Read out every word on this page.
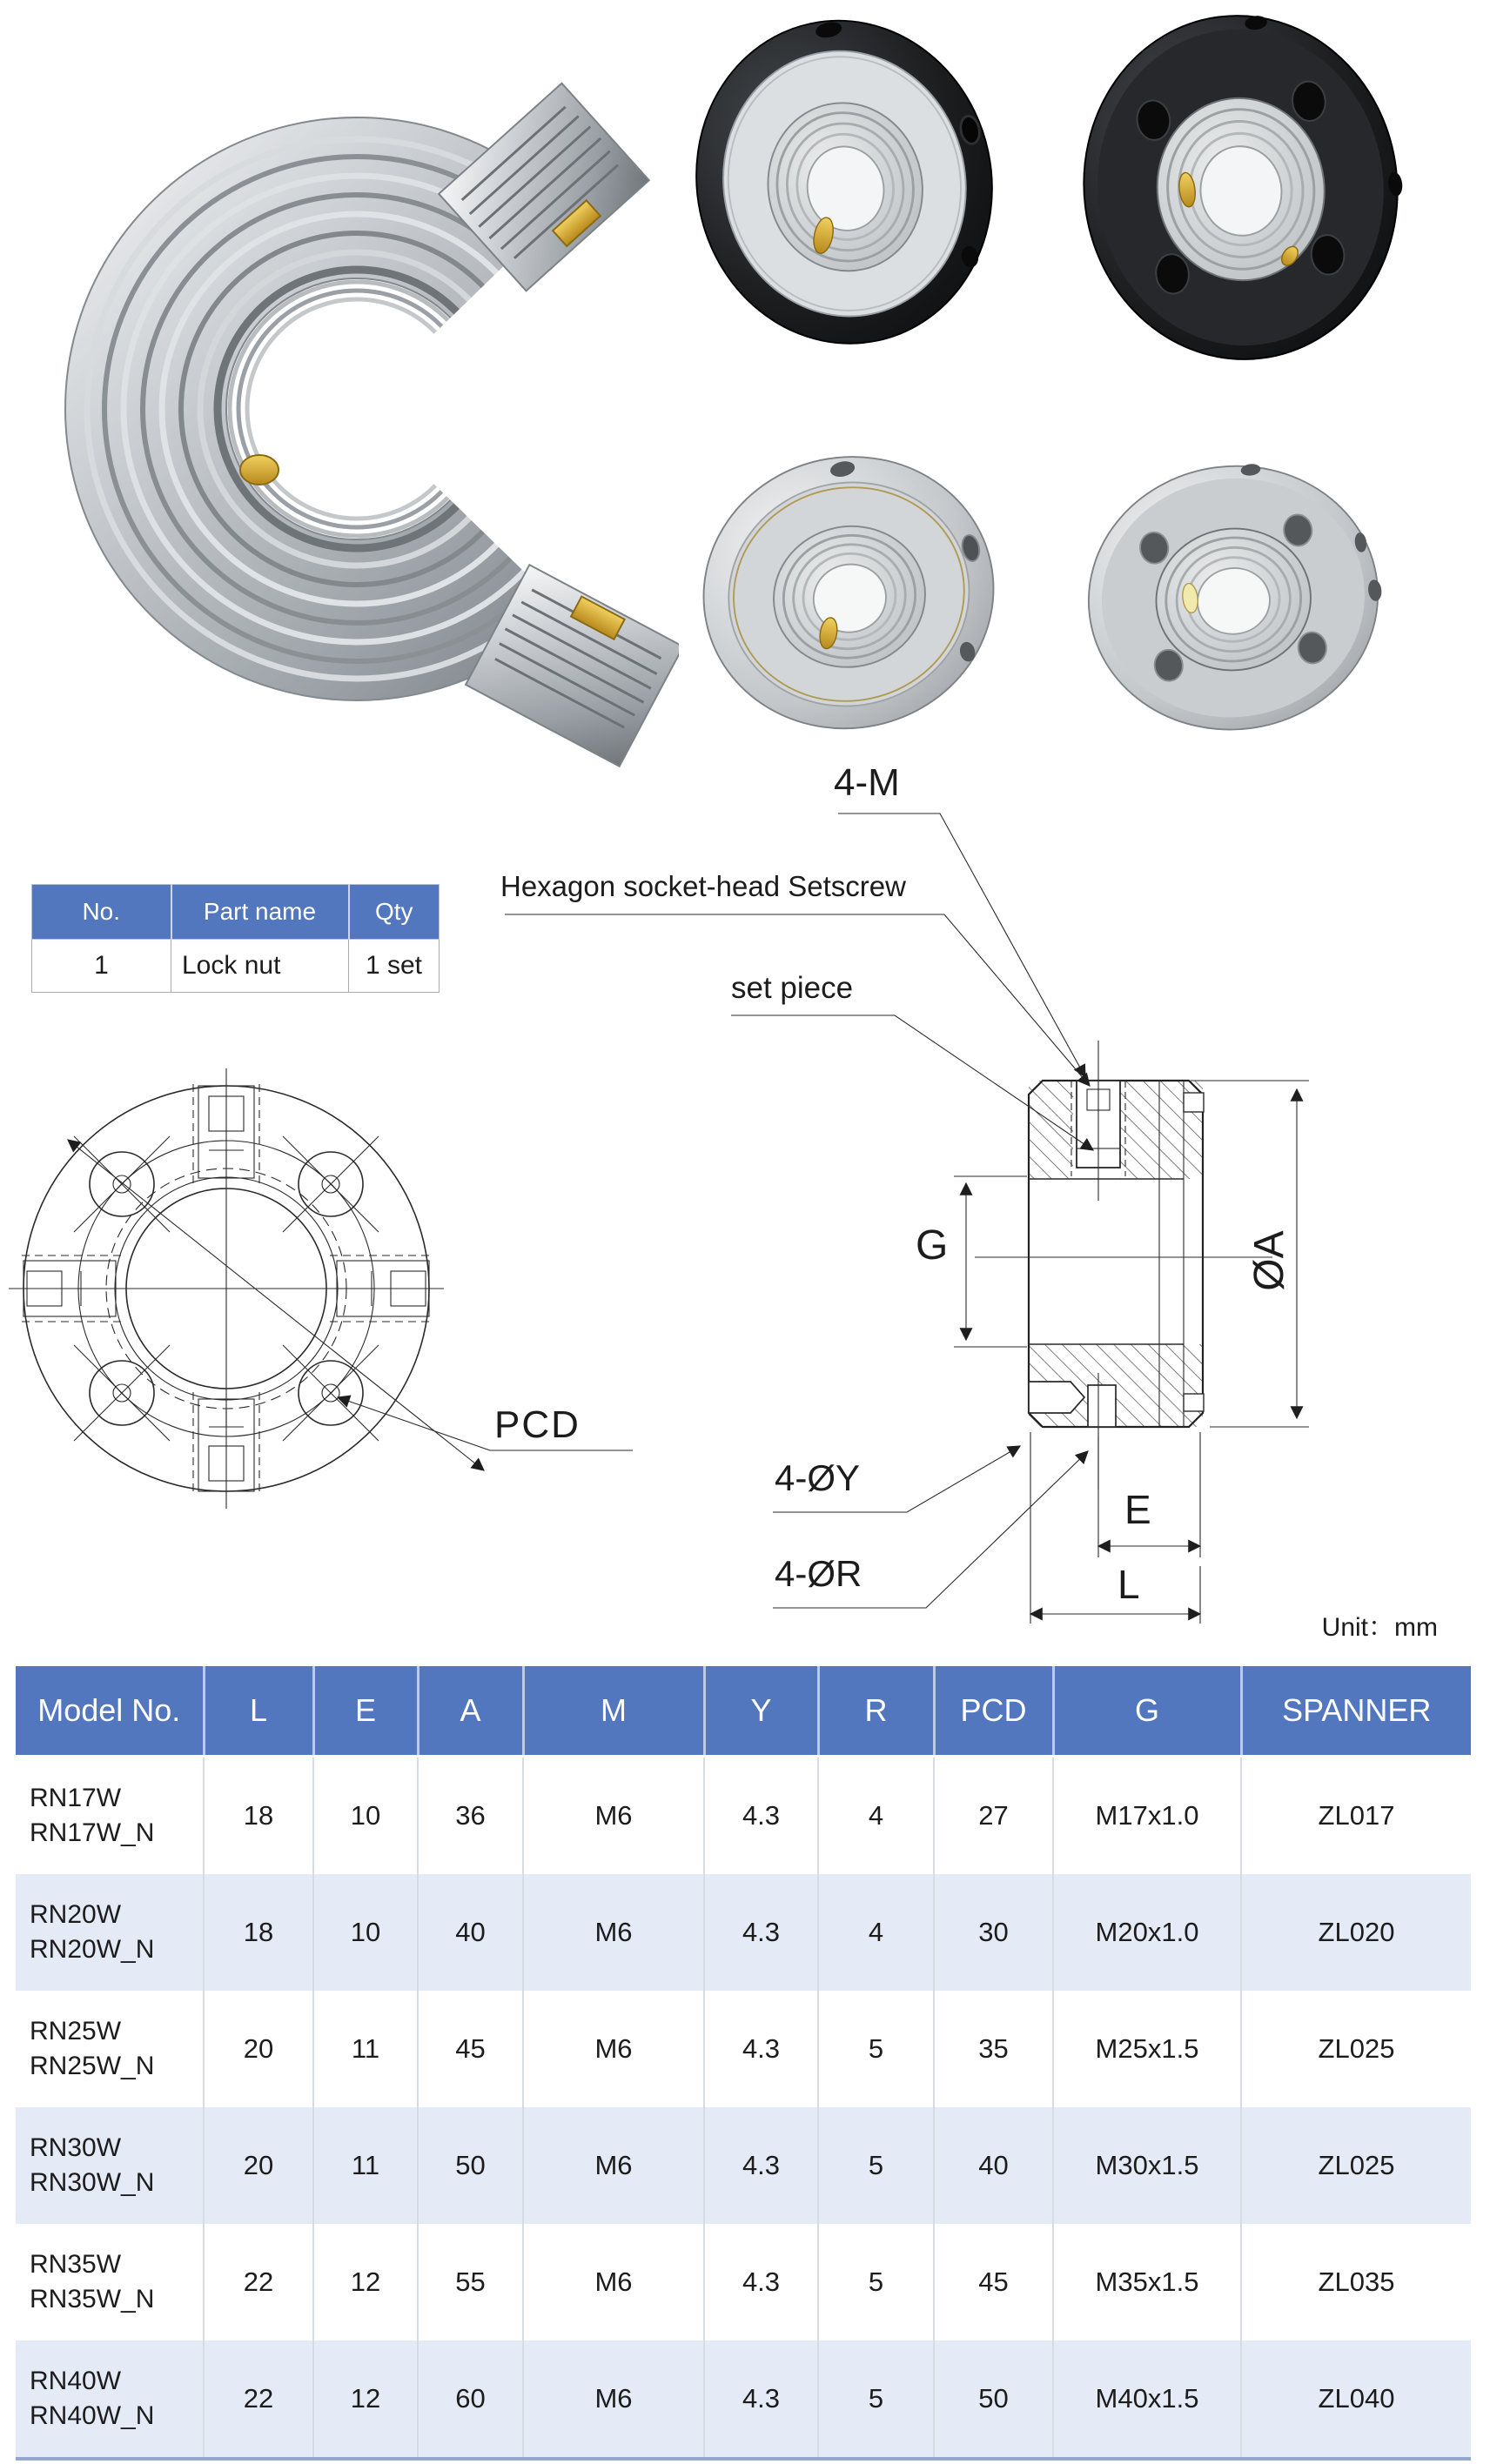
No.	Part name	Qty
1	Lock nut	1 set
4-M
Hexagon socket-head Setscrew
set piece
PCD
G	ØA
4-ØY
4-ØR
E
L
Unit：mm
Model No.	L	E	A	M	Y	R	PCD	G	SPANNER

RN17W
RN17W_N	18	10	36	M6	4.3	4	27	M17x1.0	ZL017

RN20W
RN20W_N	18	10	40	M6	4.3	4	30	M20x1.0	ZL020

RN25W
RN25W_N	20	11	45	M6	4.3	5	35	M25x1.5	ZL025

RN30W
RN30W_N	20	11	50	M6	4.3	5	40	M30x1.5	ZL025

RN35W
RN35W_N	22	12	55	M6	4.3	5	45	M35x1.5	ZL035

RN40W
RN40W_N	22	12	60	M6	4.3	5	50	M40x1.5	ZL040
